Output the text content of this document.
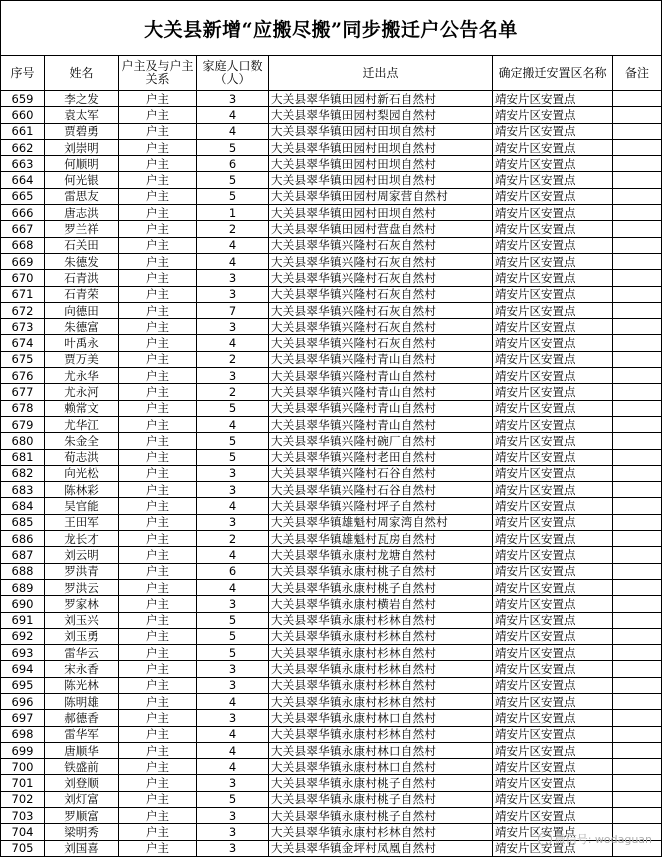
大关县新增“应搬尽搬”同步搬迁户公告名单						
序号	姓名	户主及与户主关系	家庭人口数（人）	迁出点	确定搬迁安置区名称	备注
659	李之发	户主	3	大关县翠华镇田园村新石自然村	靖安片区安置点	
660	袁太军	户主	4	大关县翠华镇田园村梨园自然村	靖安片区安置点	
661	贾碧勇	户主	4	大关县翠华镇田园村田坝自然村	靖安片区安置点	
662	刘崇明	户主	5	大关县翠华镇田园村田坝自然村	靖安片区安置点	
663	何顺明	户主	6	大关县翠华镇田园村田坝自然村	靖安片区安置点	
664	何光银	户主	5	大关县翠华镇田园村田坝自然村	靖安片区安置点	
665	雷思友	户主	5	大关县翠华镇田园村周家营自然村	靖安片区安置点	
666	唐志洪	户主	1	大关县翠华镇田园村田坝自然村	靖安片区安置点	
667	罗兰祥	户主	2	大关县翠华镇田园村营盘自然村	靖安片区安置点	
668	石关田	户主	4	大关县翠华镇兴隆村石灰自然村	靖安片区安置点	
669	朱德发	户主	4	大关县翠华镇兴隆村石灰自然村	靖安片区安置点	
670	石青洪	户主	3	大关县翠华镇兴隆村石灰自然村	靖安片区安置点	
671	石青荣	户主	3	大关县翠华镇兴隆村石灰自然村	靖安片区安置点	
672	向德田	户主	7	大关县翠华镇兴隆村石灰自然村	靖安片区安置点	
673	朱德富	户主	3	大关县翠华镇兴隆村石灰自然村	靖安片区安置点	
674	叶禹永	户主	4	大关县翠华镇兴隆村石灰自然村	靖安片区安置点	
675	贾万美	户主	2	大关县翠华镇兴隆村青山自然村	靖安片区安置点	
676	尤永华	户主	3	大关县翠华镇兴隆村青山自然村	靖安片区安置点	
677	尤永河	户主	2	大关县翠华镇兴隆村青山自然村	靖安片区安置点	
678	赖常文	户主	5	大关县翠华镇兴隆村青山自然村	靖安片区安置点	
679	尤华江	户主	4	大关县翠华镇兴隆村青山自然村	靖安片区安置点	
680	朱金全	户主	5	大关县翠华镇兴隆村碗厂自然村	靖安片区安置点	
681	荀志洪	户主	5	大关县翠华镇兴隆村老田自然村	靖安片区安置点	
682	向光松	户主	3	大关县翠华镇兴隆村石谷自然村	靖安片区安置点	
683	陈林彩	户主	3	大关县翠华镇兴隆村石谷自然村	靖安片区安置点	
684	吴官能	户主	4	大关县翠华镇兴隆村坪子自然村	靖安片区安置点	
685	王田军	户主	3	大关县翠华镇雄魁村周家湾自然村	靖安片区安置点	
686	龙长才	户主	2	大关县翠华镇雄魁村瓦房自然村	靖安片区安置点	
687	刘云明	户主	4	大关县翠华镇永康村龙塘自然村	靖安片区安置点	
688	罗洪青	户主	6	大关县翠华镇永康村桃子自然村	靖安片区安置点	
689	罗洪云	户主	4	大关县翠华镇永康村桃子自然村	靖安片区安置点	
690	罗家林	户主	3	大关县翠华镇永康村横岩自然村	靖安片区安置点	
691	刘玉兴	户主	5	大关县翠华镇永康村杉林自然村	靖安片区安置点	
692	刘玉勇	户主	5	大关县翠华镇永康村杉林自然村	靖安片区安置点	
693	雷华云	户主	5	大关县翠华镇永康村杉林自然村	靖安片区安置点	
694	宋永香	户主	3	大关县翠华镇永康村杉林自然村	靖安片区安置点	
695	陈光林	户主	3	大关县翠华镇永康村杉林自然村	靖安片区安置点	
696	陈明雄	户主	4	大关县翠华镇永康村杉林自然村	靖安片区安置点	
697	郝德香	户主	3	大关县翠华镇永康村林口自然村	靖安片区安置点	
698	雷华军	户主	4	大关县翠华镇永康村杉林自然村	靖安片区安置点	
699	唐顺华	户主	4	大关县翠华镇永康村林口自然村	靖安片区安置点	
700	铁盛前	户主	4	大关县翠华镇永康村林口自然村	靖安片区安置点	
701	刘登顺	户主	3	大关县翠华镇永康村桃子自然村	靖安片区安置点	
702	刘灯富	户主	5	大关县翠华镇永康村桃子自然村	靖安片区安置点	
703	罗顺富	户主	3	大关县翠华镇永康村桃子自然村	靖安片区安置点	
704	梁明秀	户主	3	大关县翠华镇永康村杉林自然村	靖安片区安置点	
705	刘国喜	户主	3	大关县翠华镇金坪村凤凰自然村	靖安片区安置点	
微信号: wodaguan
